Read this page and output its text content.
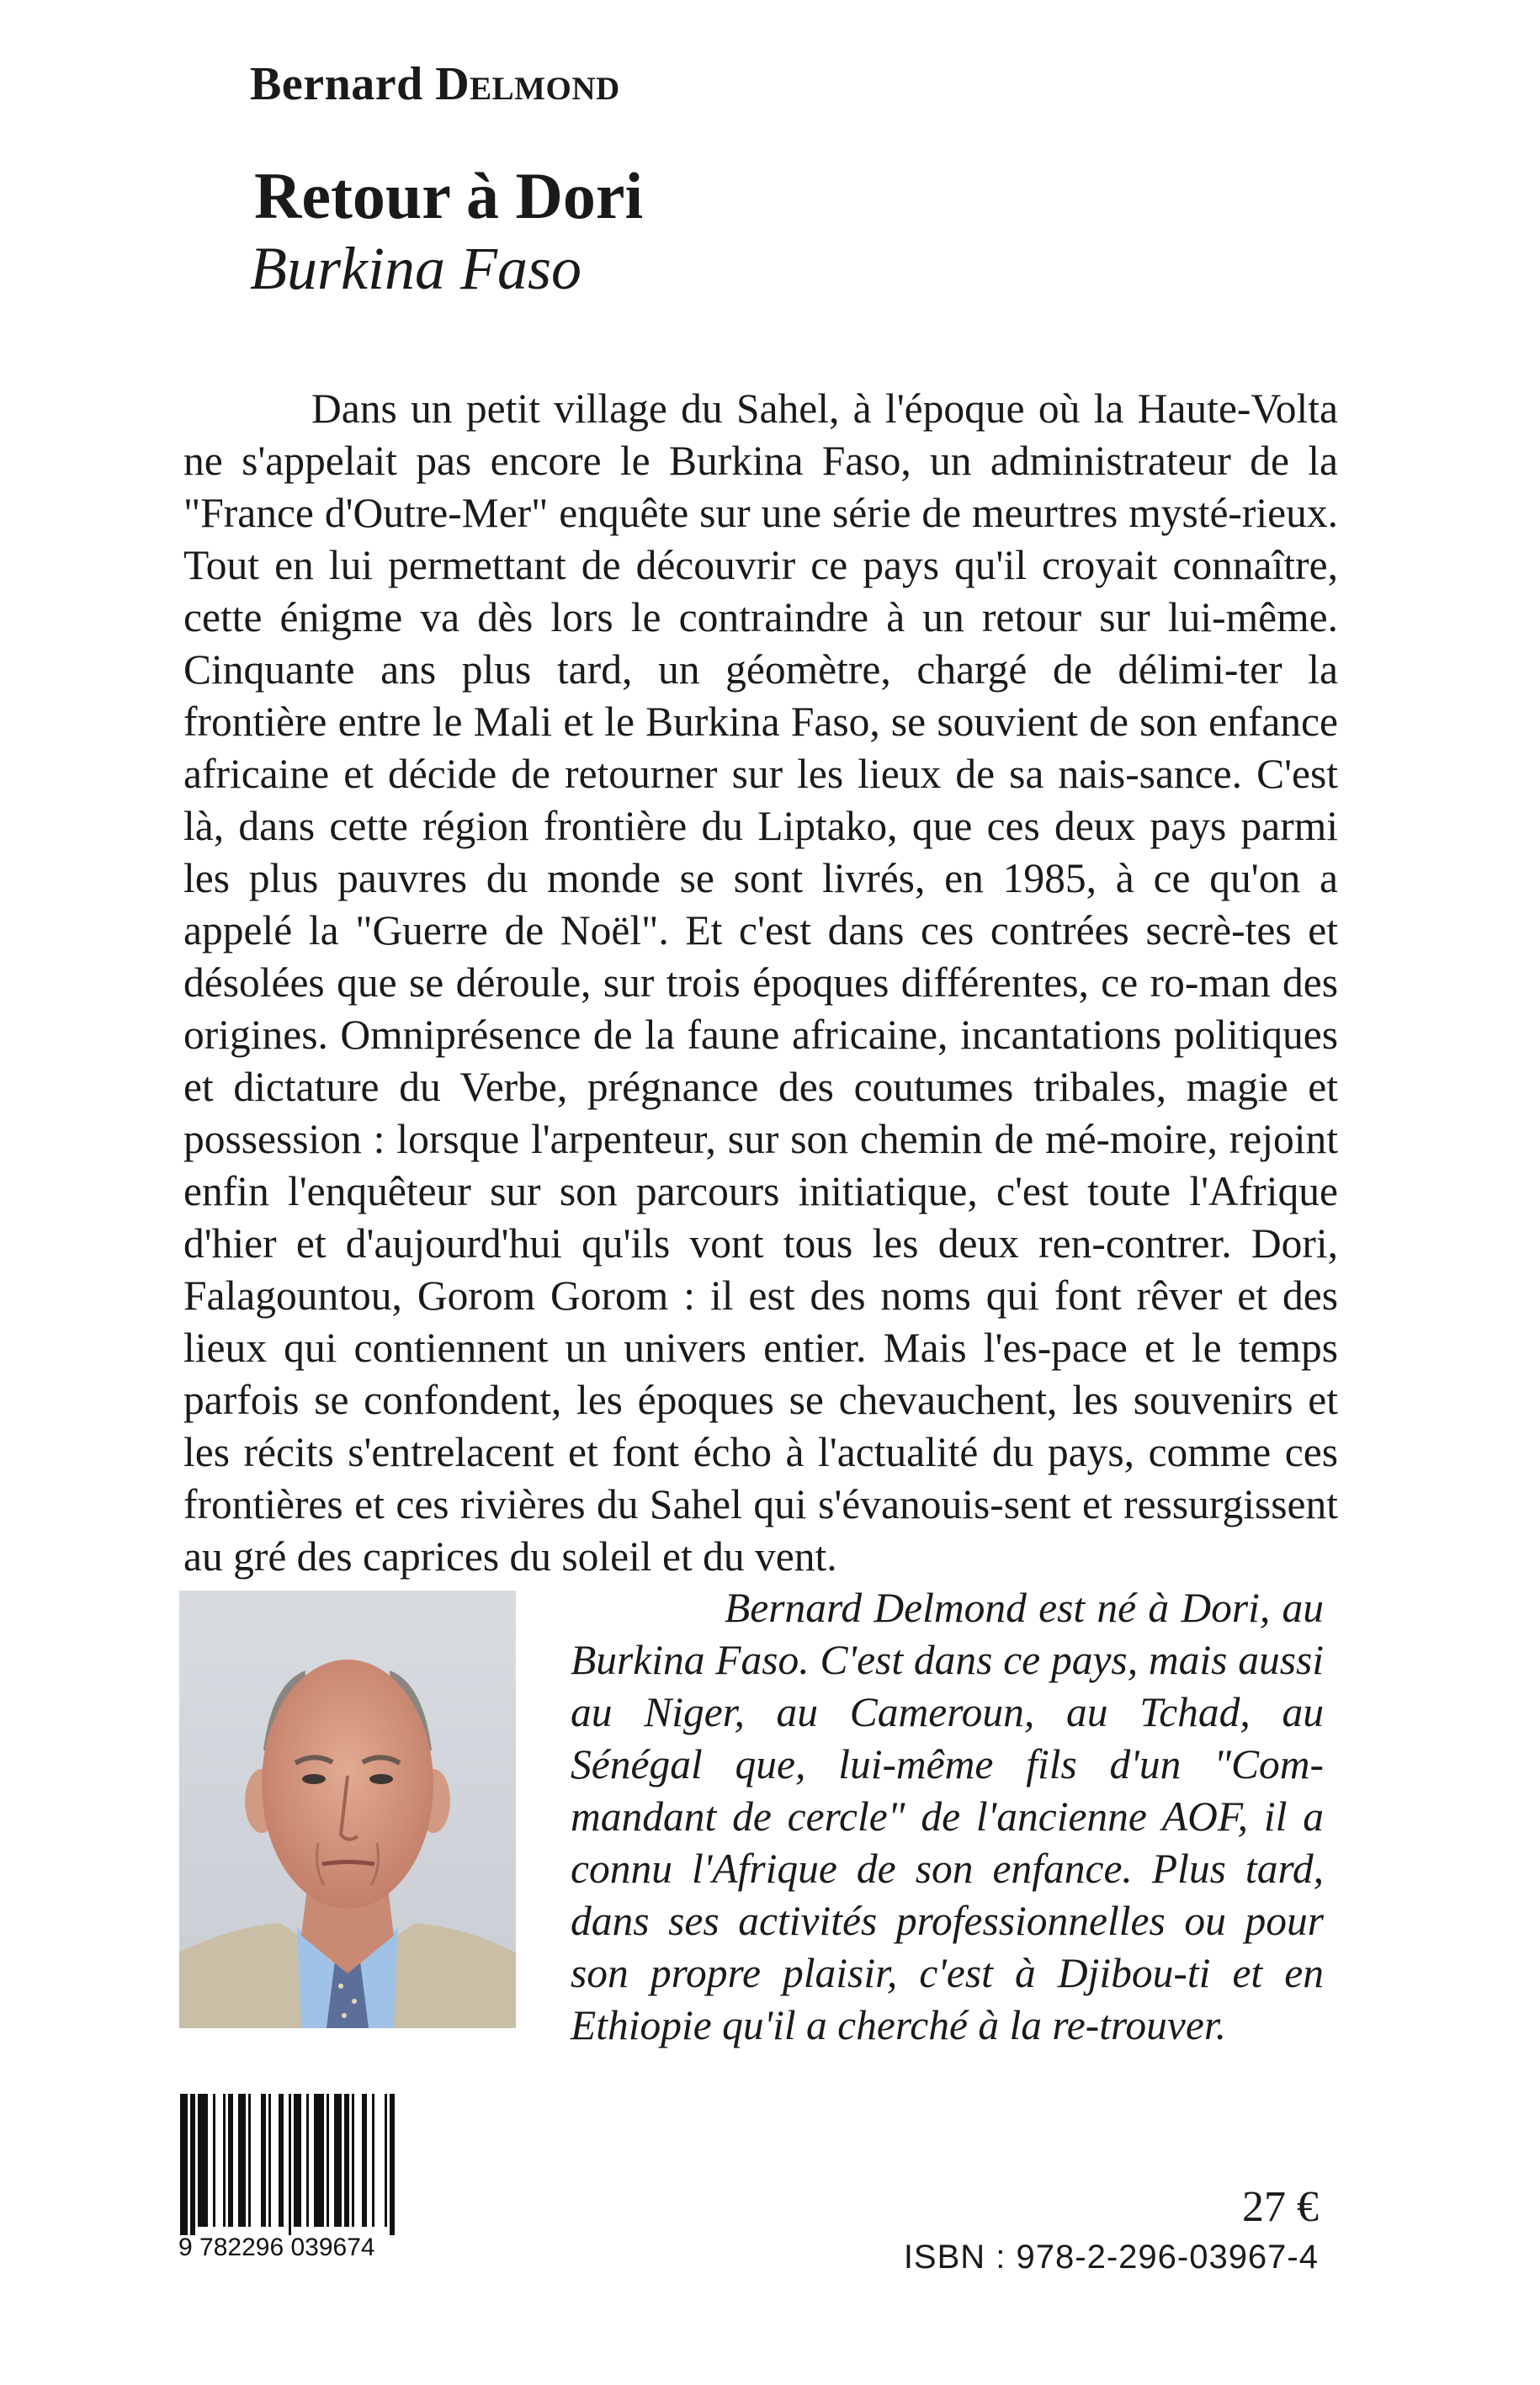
Bernard Delmond
Retour à Dori
Burkina Faso

Dans un petit village du Sahel, à l'époque où la Haute-Volta ne s'appelait pas encore le Burkina Faso, un administrateur de la "France d'Outre-Mer" enquête sur une série de meurtres mysté-rieux. Tout en lui permettant de découvrir ce pays qu'il croyait connaître, cette énigme va dès lors le contraindre à un retour sur lui-même. Cinquante ans plus tard, un géomètre, chargé de délimi-ter la frontière entre le Mali et le Burkina Faso, se souvient de son enfance africaine et décide de retourner sur les lieux de sa nais-sance. C'est là, dans cette région frontière du Liptako, que ces deux pays parmi les plus pauvres du monde se sont livrés, en 1985, à ce qu'on a appelé la "Guerre de Noël". Et c'est dans ces contrées secrè-tes et désolées que se déroule, sur trois époques différentes, ce ro-man des origines. Omniprésence de la faune africaine, incantations politiques et dictature du Verbe, prégnance des coutumes tribales, magie et possession : lorsque l'arpenteur, sur son chemin de mé-moire, rejoint enfin l'enquêteur sur son parcours initiatique, c'est toute l'Afrique d'hier et d'aujourd'hui qu'ils vont tous les deux ren-contrer. Dori, Falagountou, Gorom Gorom : il est des noms qui font rêver et des lieux qui contiennent un univers entier. Mais l'es-pace et le temps parfois se confondent, les époques se chevauchent, les souvenirs et les récits s'entrelacent et font écho à l'actualité du pays, comme ces frontières et ces rivières du Sahel qui s'évanouis-sent et ressurgissent au gré des caprices du soleil et du vent.

Bernard Delmond est né à Dori, au Burkina Faso. C'est dans ce pays, mais aussi au Niger, au Cameroun, au Tchad, au Sénégal que, lui-même fils d'un "Com-mandant de cercle" de l'ancienne AOF, il a connu l'Afrique de son enfance. Plus tard, dans ses activités professionnelles ou pour son propre plaisir, c'est à Djibou-ti et en Ethiopie qu'il a cherché à la re-trouver.

9 782296 039674
27 €
ISBN : 978-2-296-03967-4
